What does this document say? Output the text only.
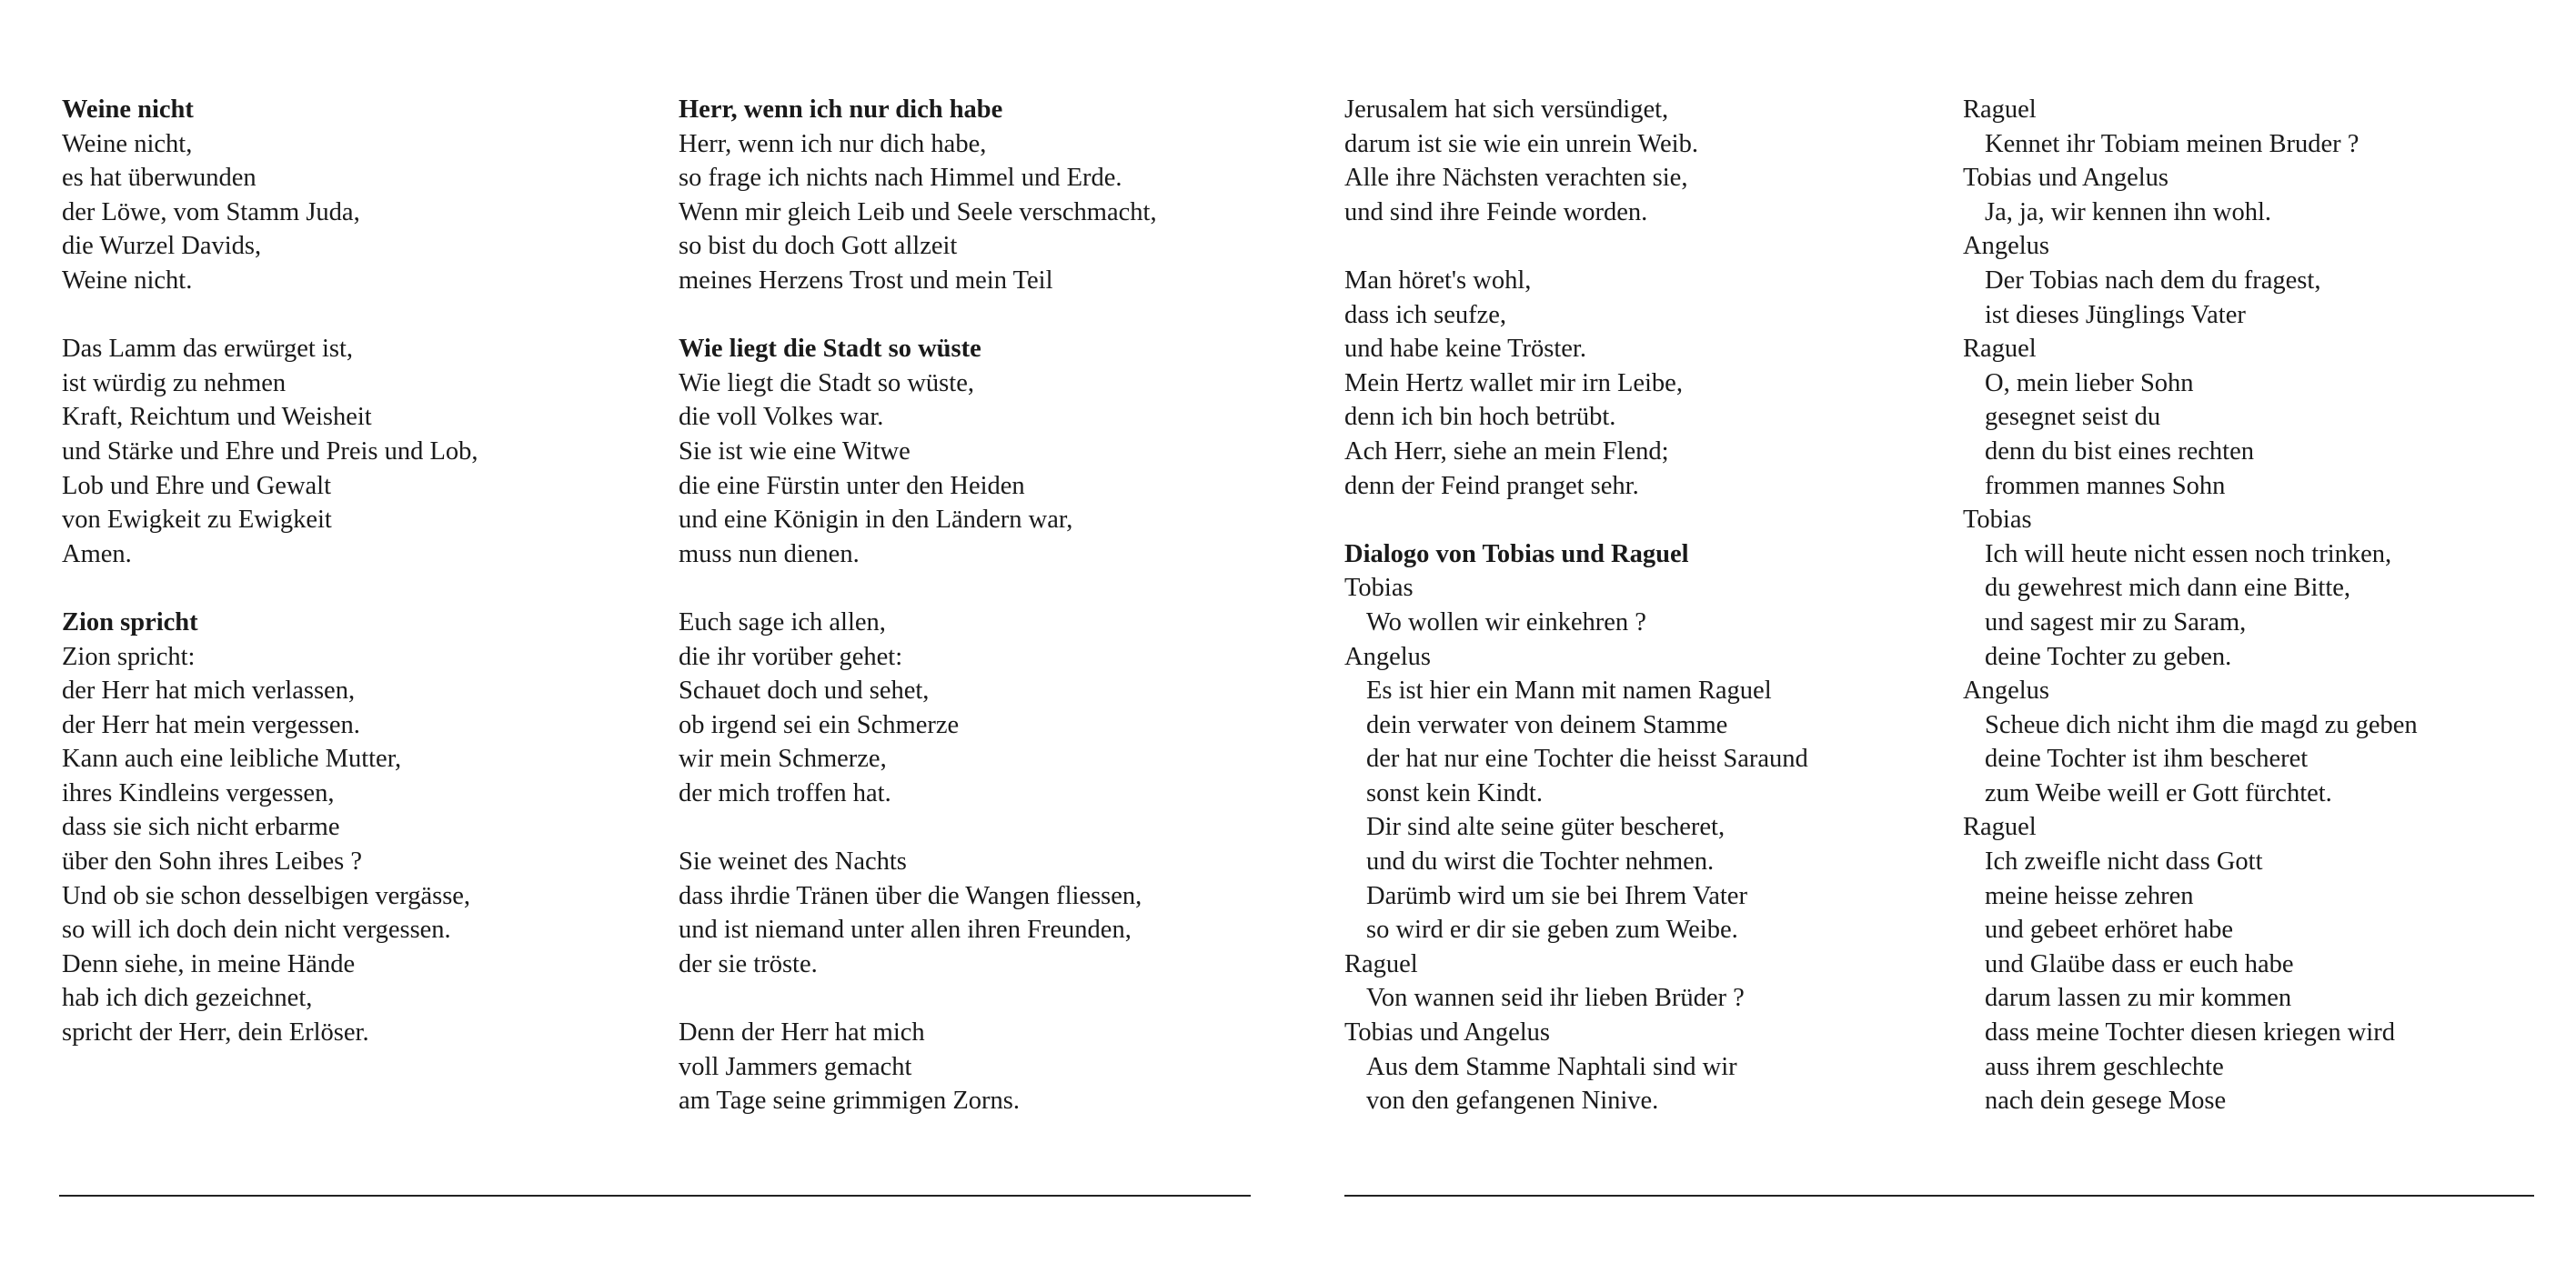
Weine nicht
Weine nicht,
es hat überwunden
der Löwe, vom Stamm Juda,
die Wurzel Davids,
Weine nicht.
Das Lamm das erwürget ist,
ist würdig zu nehmen
Kraft, Reichtum und Weisheit
und Stärke und Ehre und Preis und Lob,
Lob und Ehre und Gewalt
von Ewigkeit zu Ewigkeit
Amen.
Zion spricht
Zion spricht:
der Herr hat mich verlassen,
der Herr hat mein vergessen.
Kann auch eine leibliche Mutter,
ihres Kindleins vergessen,
dass sie sich nicht erbarme
über den Sohn ihres Leibes ?
Und ob sie schon desselbigen vergässe,
so will ich doch dein nicht vergessen.
Denn siehe, in meine Hände
hab ich dich gezeichnet,
spricht der Herr, dein Erlöser.
Herr, wenn ich nur dich habe
Herr, wenn ich nur dich habe,
so frage ich nichts nach Himmel und Erde.
Wenn mir gleich Leib und Seele verschmacht,
so bist du doch Gott allzeit
meines Herzens Trost und mein Teil
Wie liegt die Stadt so wüste
Wie liegt die Stadt so wüste,
die voll Volkes war.
Sie ist wie eine Witwe
die eine Fürstin unter den Heiden
und eine Königin in den Ländern war,
muss nun dienen.
Euch sage ich allen,
die ihr vorüber gehet:
Schauet doch und sehet,
ob irgend sei ein Schmerze
wir mein Schmerze,
der mich troffen hat.
Sie weinet des Nachts
dass ihrdie Tränen über die Wangen fliessen,
und ist niemand unter allen ihren Freunden,
der sie tröste.
Denn der Herr hat mich
voll Jammers gemacht
am Tage seine grimmigen Zorns.
Jerusalem hat sich versündiget,
darum ist sie wie ein unrein Weib.
Alle ihre Nächsten verachten sie,
und sind ihre Feinde worden.
Man höret's wohl,
dass ich seufze,
und habe keine Tröster.
Mein Hertz wallet mir irn Leibe,
denn ich bin hoch betrübt.
Ach Herr, siehe an mein Flend;
denn der Feind pranget sehr.
Dialogo von Tobias und Raguel
Tobias
Wo wollen wir einkehren ?
Angelus
Es ist hier ein Mann mit namen Raguel
dein verwater von deinem Stamme
der hat nur eine Tochter die heisst Saraund
sonst kein Kindt.
Dir sind alte seine güter bescheret,
und du wirst die Tochter nehmen.
Darümb wird um sie bei Ihrem Vater
so wird er dir sie geben zum Weibe.
Raguel
Von wannen seid ihr lieben Brüder ?
Tobias und Angelus
Aus dem Stamme Naphtali sind wir
von den gefangenen Ninive.
Raguel
Kennet ihr Tobiam meinen Bruder ?
Tobias und Angelus
Ja, ja, wir kennen ihn wohl.
Angelus
Der Tobias nach dem du fragest,
ist dieses Jünglings Vater
Raguel
O, mein lieber Sohn
gesegnet seist du
denn du bist eines rechten
frommen mannes Sohn
Tobias
Ich will heute nicht essen noch trinken,
du gewehrest mich dann eine Bitte,
und sagest mir zu Saram,
deine Tochter zu geben.
Angelus
Scheue dich nicht ihm die magd zu geben
deine Tochter ist ihm bescheret
zum Weibe weill er Gott fürchtet.
Raguel
Ich zweifle nicht dass Gott
meine heisse zehren
und gebeet erhöret habe
und Glaübe dass er euch habe
darum lassen zu mir kommen
dass meine Tochter diesen kriegen wird
auss ihrem geschlechte
nach dein gesege Mose
